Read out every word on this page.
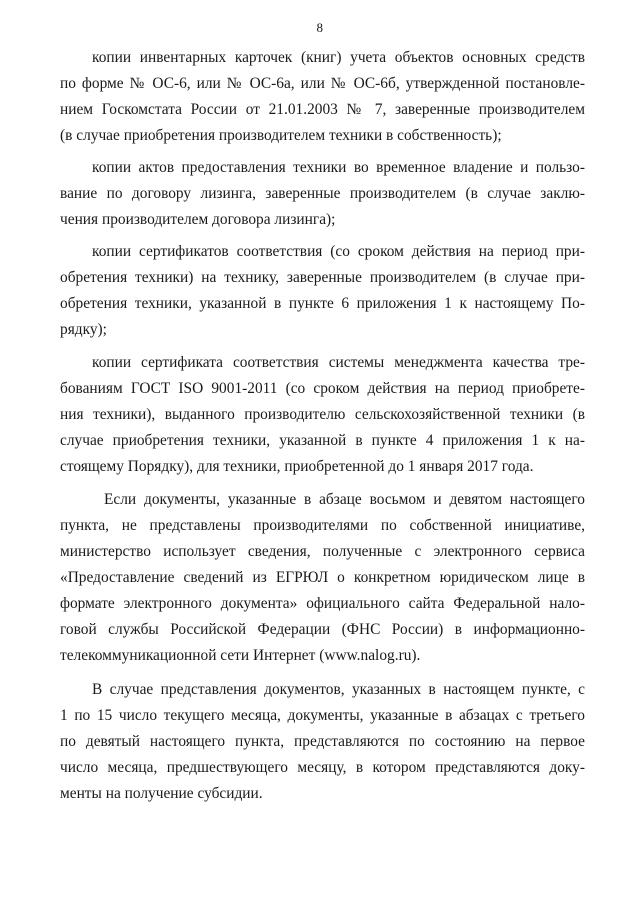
8
копии инвентарных карточек (книг) учета объектов основных средств
по форме № ОС-6, или № ОС-6а, или № ОС-6б, утвержденной постановле-
нием Госкомстата России от 21.01.2003 № 7, заверенные производителем
(в случае приобретения производителем техники в собственность);
копии актов предоставления техники во временное владение и пользо-
вание по договору лизинга, заверенные производителем (в случае заклю-
чения производителем договора лизинга);
копии сертификатов соответствия (со сроком действия на период при-
обретения техники) на технику, заверенные производителем (в случае при-
обретения техники, указанной в пункте 6 приложения 1 к настоящему По-
рядку);
копии сертификата соответствия системы менеджмента качества тре-
бованиям ГОСТ ISO 9001-2011 (со сроком действия на период приобрете-
ния техники), выданного производителю сельскохозяйственной техники (в
случае приобретения техники, указанной в пункте 4 приложения 1 к на-
стоящему Порядку), для техники, приобретенной до 1 января 2017 года.
Если документы, указанные в абзаце восьмом и девятом настоящего
пункта, не представлены производителями по собственной инициативе,
министерство использует сведения, полученные с электронного сервиса
«Предоставление сведений из ЕГРЮЛ о конкретном юридическом лице в
формате электронного документа» официального сайта Федеральной нало-
говой службы Российской Федерации (ФНС России) в информационно-
телекоммуникационной сети Интернет (www.nalog.ru).
В случае представления документов, указанных в настоящем пункте, с
1 по 15 число текущего месяца, документы, указанные в абзацах с третьего
по девятый настоящего пункта, представляются по состоянию на первое
число месяца, предшествующего месяцу, в котором представляются доку-
менты на получение субсидии.
